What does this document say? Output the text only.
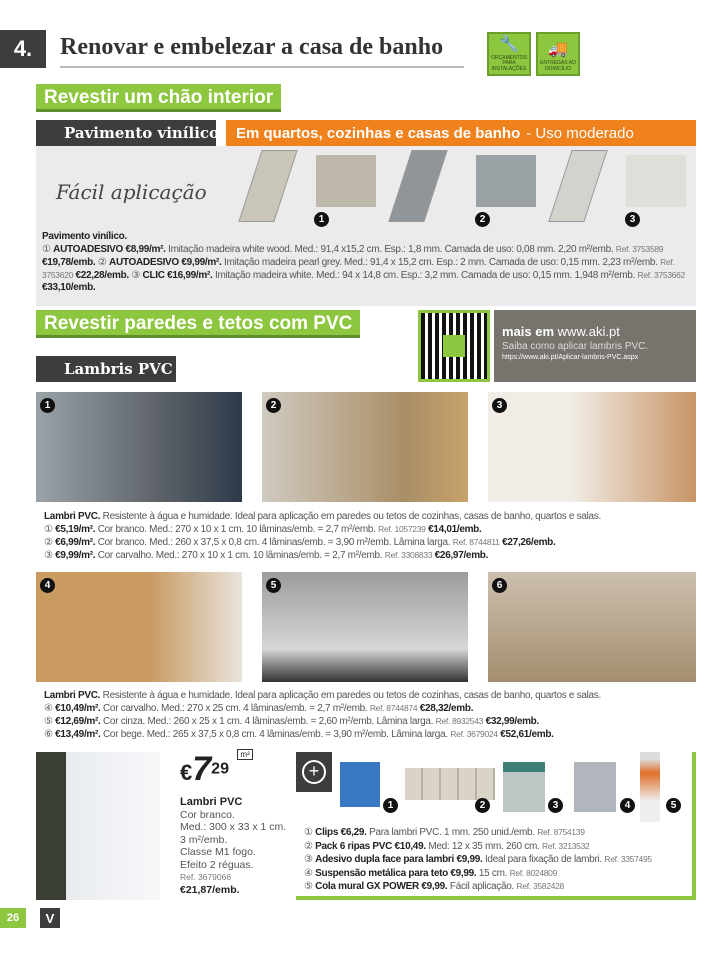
4.	Renovar e embelezar a casa de banho	🔧
ORÇAMENTOS PARA INSTALAÇÕES
🚚
ENTREGAS AO DOMICÍLIO
Revestir um chão interior
Pavimento vinílico Em quartos, cozinhas e casas de banho - Uso moderado
Fácil aplicação
1	2	3
Pavimento vinílico.
① AUTOADESIVO €8,99/m². Imitação madeira white wood. Med.: 91,4 x15,2 cm. Esp.: 1,8 mm. Camada de uso: 0,08 mm. 2,20 m²/emb. Ref. 3753589 €19,78/emb. ② AUTOADESIVO €9,99/m². Imitação madeira pearl grey. Med.: 91,4 x 15,2 cm. Esp.: 2 mm. Camada de uso: 0,15 mm. 2,23 m²/emb. Ref. 3753620 €22,28/emb. ③ CLIC €16,99/m². Imitação madeira white. Med.: 94 x 14,8 cm. Esp.: 3,2 mm. Camada de uso: 0,15 mm. 1,948 m²/emb. Ref. 3753662 €33,10/emb.
Revestir paredes e tetos com PVC	mais em www.aki.pt
Saiba como aplicar lambris PVC.
https://www.aki.pt/Aplicar-lambris-PVC.aspx
Lambris PVC
1	2	3
Lambri PVC. Resistente à água e humidade. Ideal para aplicação em paredes ou tetos de cozinhas, casas de banho, quartos e salas.
① €5,19/m². Cor branco. Med.: 270 x 10 x 1 cm. 10 lâminas/emb. = 2,7 m²/emb. Ref. 1057239 €14,01/emb.
② €6,99/m². Cor branco. Med.: 260 x 37,5 x 0,8 cm. 4 lâminas/emb. = 3,90 m²/emb. Lâmina larga. Ref. 8744811 €27,26/emb.
③ €9,99/m². Cor carvalho. Med.: 270 x 10 x 1 cm. 10 lâminas/emb. = 2,7 m²/emb. Ref. 3308833 €26,97/emb.
4	5	6
Lambri PVC. Resistente à água e humidade. Ideal para aplicação em paredes ou tetos de cozinhas, casas de banho, quartos e salas.
④ €10,49/m². Cor carvalho. Med.: 270 x 25 cm. 4 lâminas/emb. = 2,7 m²/emb. Ref. 8744874 €28,32/emb.
⑤ €12,69/m². Cor cinza. Med.: 260 x 25 x 1 cm. 4 lâminas/emb. = 2,60 m²/emb. Lâmina larga. Ref. 8932543 €32,99/emb.
⑥ €13,49/m². Cor bege. Med.: 265 x 37,5 x 0,8 cm. 4 lâminas/emb. = 3,90 m²/emb. Lâmina larga. Ref. 3679024 €52,61/emb.
$€7^{29}$ $^{m^2}$
Lambri PVC
Cor branco.
Med.: 300 x 33 x 1 cm.
3 m²/emb.
Classe M1 fogo.
Efeito 2 réguas.
Ref. 3679066
€21,87/emb.
+
1	2	3	4	5
① Clips €6,29. Para lambri PVC. 1 mm. 250 unid./emb. Ref. 8754139
② Pack 6 ripas PVC €10,49. Med: 12 x 35 mm. 260 cm. Ref. 3213532
③ Adesivo dupla face para lambri €9,99. Ideal para fixação de lambri. Ref. 3357495
④ Suspensão metálica para teto €9,99. 15 cm. Ref. 8024809
⑤ Cola mural GX POWER €9,99. Fácil aplicação. Ref. 3582428
26	V
